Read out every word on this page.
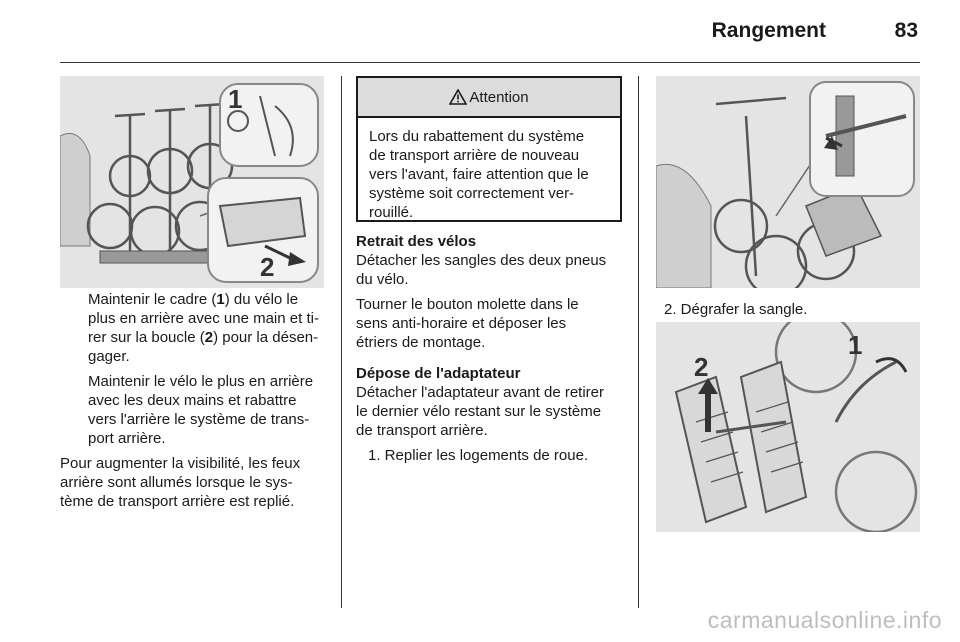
Rangement	83
1
2

Maintenir le cadre (1) du vélo le
plus en arrière avec une main et ti-
rer sur la boucle (2) pour la désen-
gager.

Maintenir le vélo le plus en arrière
avec les deux mains et rabattre
vers l'arrière le système de trans-
port arrière.

Pour augmenter la visibilité, les feux
arrière sont allumés lorsque le sys-
tème de transport arrière est replié.

Attention
Lors du rabattement du système
de transport arrière de nouveau
vers l'avant, faire attention que le
système soit correctement ver-
rouillé.

Retrait des vélos
Détacher les sangles des deux pneus
du vélo.

Tourner le bouton molette dans le
sens anti-horaire et déposer les
étriers de montage.

Dépose de l'adaptateur
Détacher l'adaptateur avant de retirer
le dernier vélo restant sur le système
de transport arrière.

1. Replier les logements de roue.

2. Dégrafer la sangle.
1
2
carmanualsonline.info
